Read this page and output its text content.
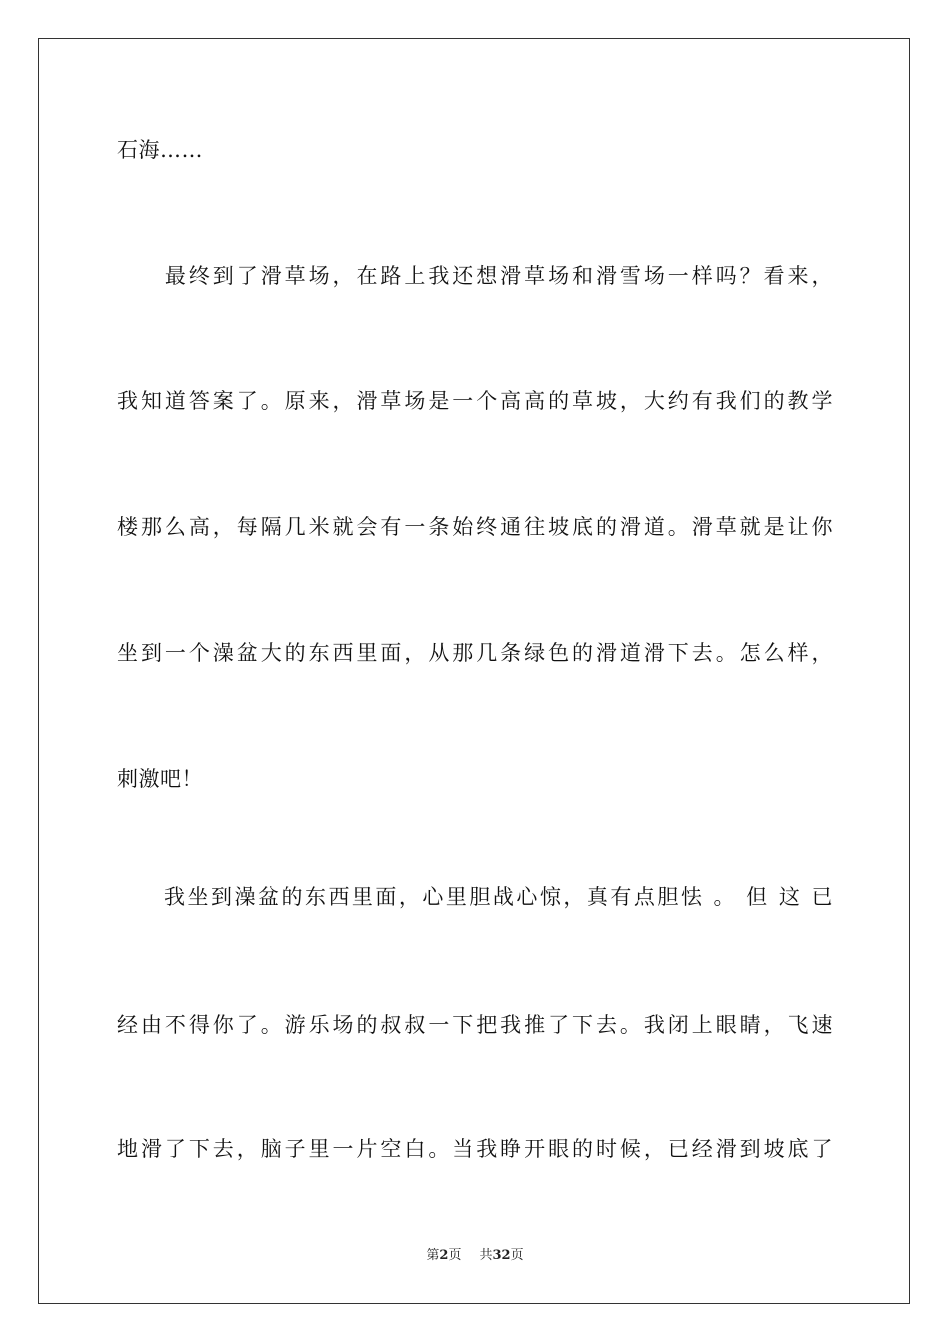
石海……
　　最终到了滑草场，在路上我还想滑草场和滑雪场一样吗？看来，
我知道答案了。原来，滑草场是一个高高的草坡，大约有我们的教学
楼那么高，每隔几米就会有一条始终通往坡底的滑道。滑草就是让你
坐到一个澡盆大的东西里面，从那几条绿色的滑道滑下去。怎么样，
刺激吧！
　　我坐到澡盆的东西里面，心里胆战心惊，真有点胆怯 。 但 这 已
经由不得你了。游乐场的叔叔一下把我推了下去。我闭上眼睛，飞速
地滑了下去，脑子里一片空白。当我睁开眼的时候，已经滑到坡底了
第2页 共32页
